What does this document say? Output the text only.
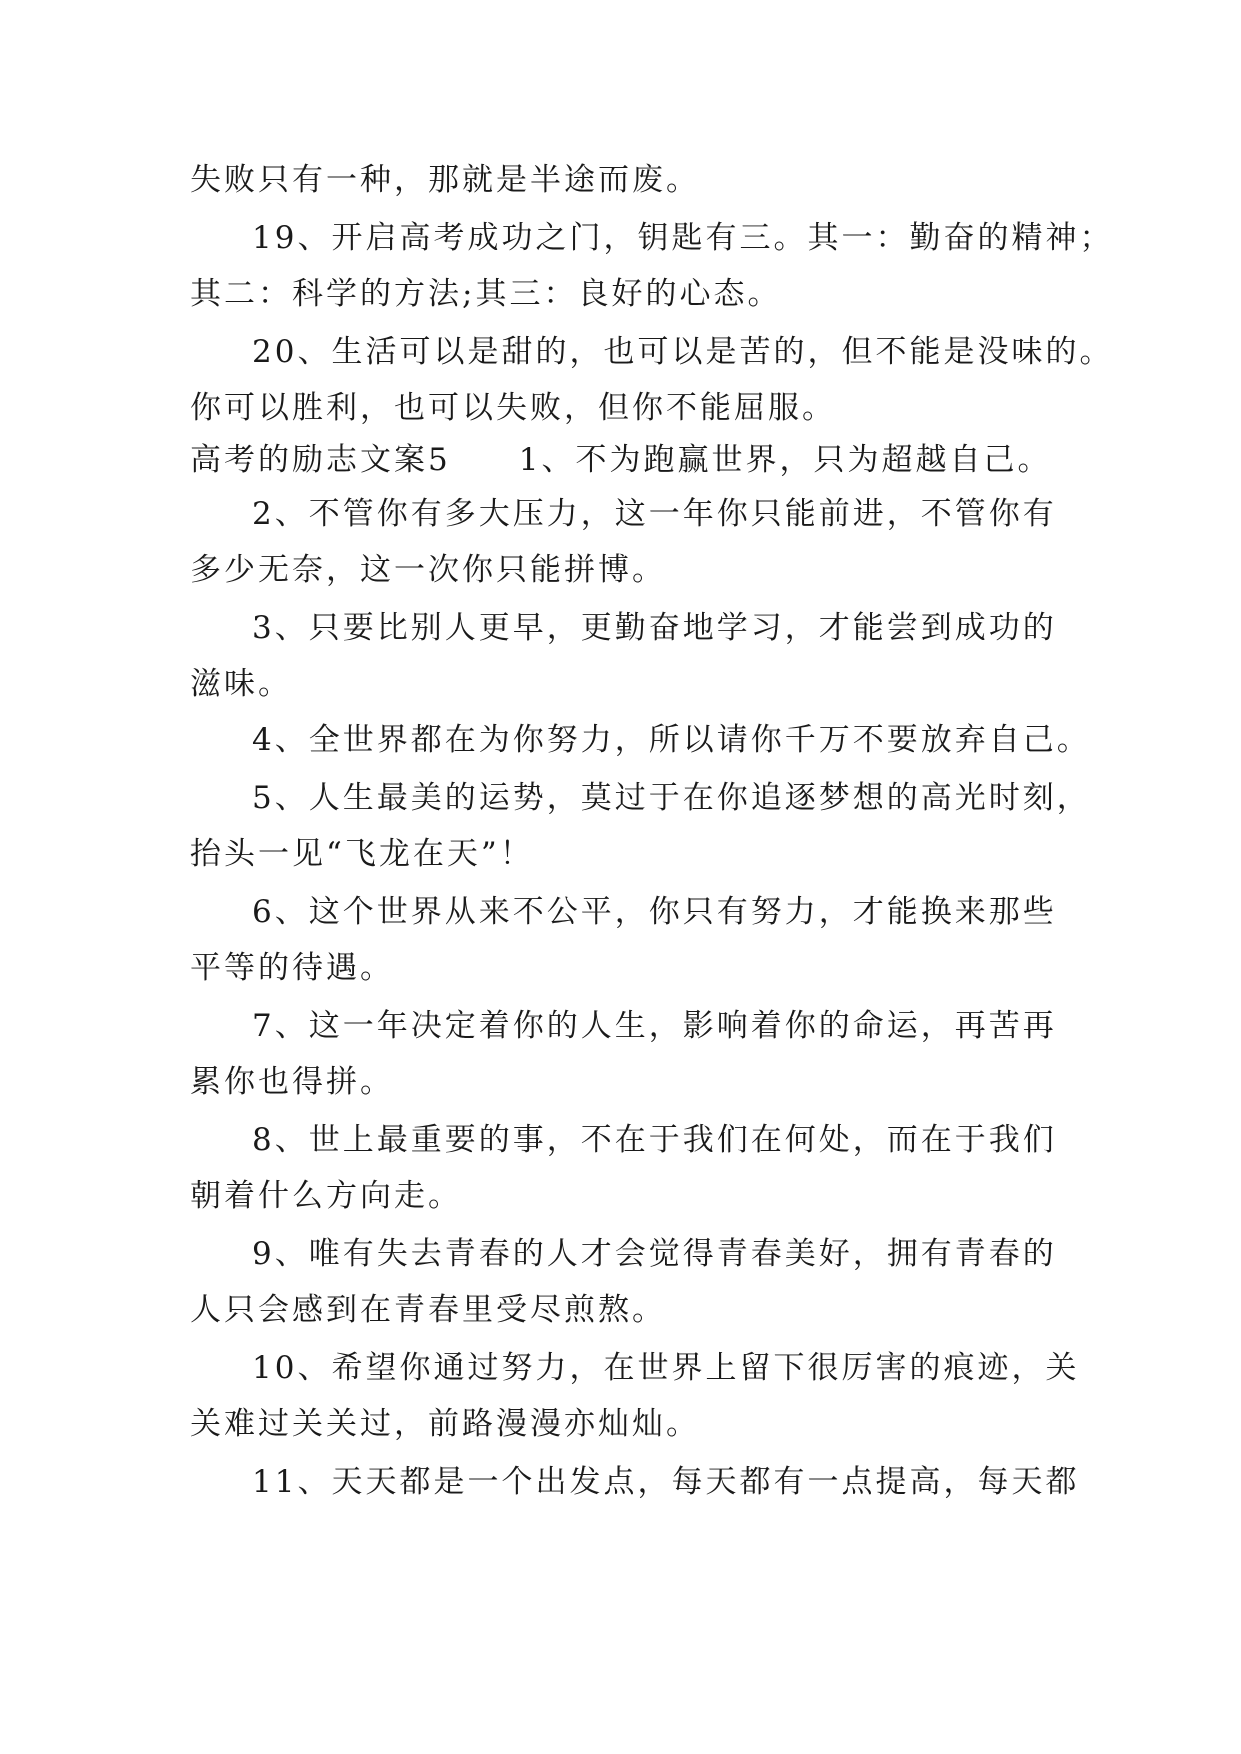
失败只有一种，那就是半途而废。
19、开启高考成功之门，钥匙有三。其一：勤奋的精神；
其二：科学的方法;其三：良好的心态。
20、生活可以是甜的，也可以是苦的，但不能是没味的。
你可以胜利，也可以失败，但你不能屈服。
高考的励志文案5　　1、不为跑赢世界，只为超越自己。
2、不管你有多大压力，这一年你只能前进，不管你有
多少无奈，这一次你只能拼博。
3、只要比别人更早，更勤奋地学习，才能尝到成功的
滋味。
4、全世界都在为你努力，所以请你千万不要放弃自己。
5、人生最美的运势，莫过于在你追逐梦想的高光时刻，
抬头一见“飞龙在天”！
6、这个世界从来不公平，你只有努力，才能换来那些
平等的待遇。
7、这一年决定着你的人生，影响着你的命运，再苦再
累你也得拼。
8、世上最重要的事，不在于我们在何处，而在于我们
朝着什么方向走。
9、唯有失去青春的人才会觉得青春美好，拥有青春的
人只会感到在青春里受尽煎熬。
10、希望你通过努力，在世界上留下很厉害的痕迹，关
关难过关关过，前路漫漫亦灿灿。
11、天天都是一个出发点，每天都有一点提高，每天都
